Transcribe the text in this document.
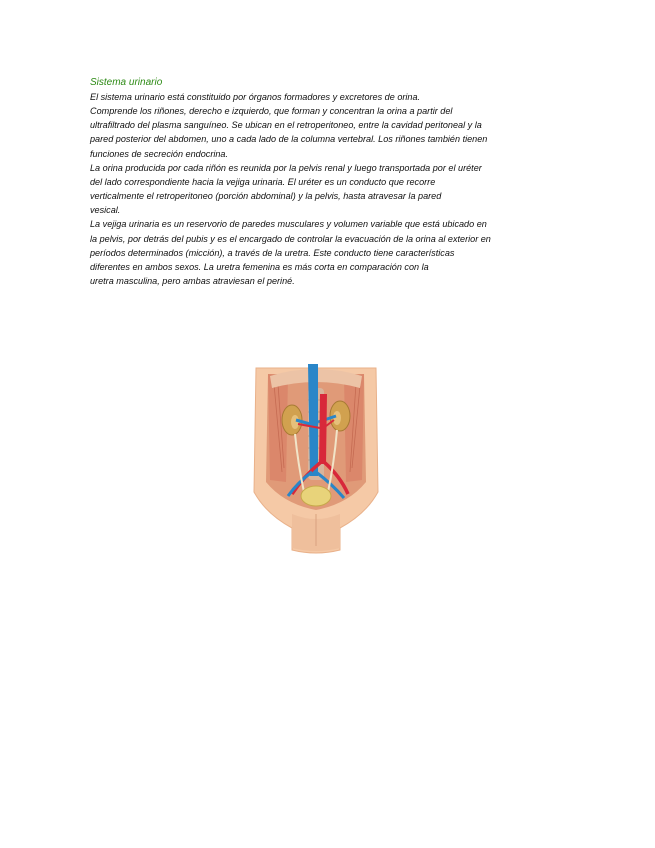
Sistema urinario
El sistema urinario está constituido por órganos formadores y excretores de orina.
Comprende los riñones, derecho e izquierdo, que forman y concentran la orina a partir del
ultrafiltrado del plasma sanguíneo. Se ubican en el retroperitoneo, entre la cavidad peritoneal y la
pared posterior del abdomen, uno a cada lado de la columna vertebral. Los riñones también tienen
funciones de secreción endocrina.
La orina producida por cada riñón es reunida por la pelvis renal y luego transportada por el uréter
del lado correspondiente hacia la vejiga urinaria. El uréter es un conducto que recorre
verticalmente el retroperitoneo (porción abdominal) y la pelvis, hasta atravesar la pared
vesical.
La vejiga urinaria es un reservorio de paredes musculares y volumen variable que está ubicado en
la pelvis, por detrás del pubis y es el encargado de controlar la evacuación de la orina al exterior en
períodos determinados (micción), a través de la uretra. Este conducto tiene características
diferentes en ambos sexos. La uretra femenina es más corta en comparación con la
uretra masculina, pero ambas atraviesan el periné.
